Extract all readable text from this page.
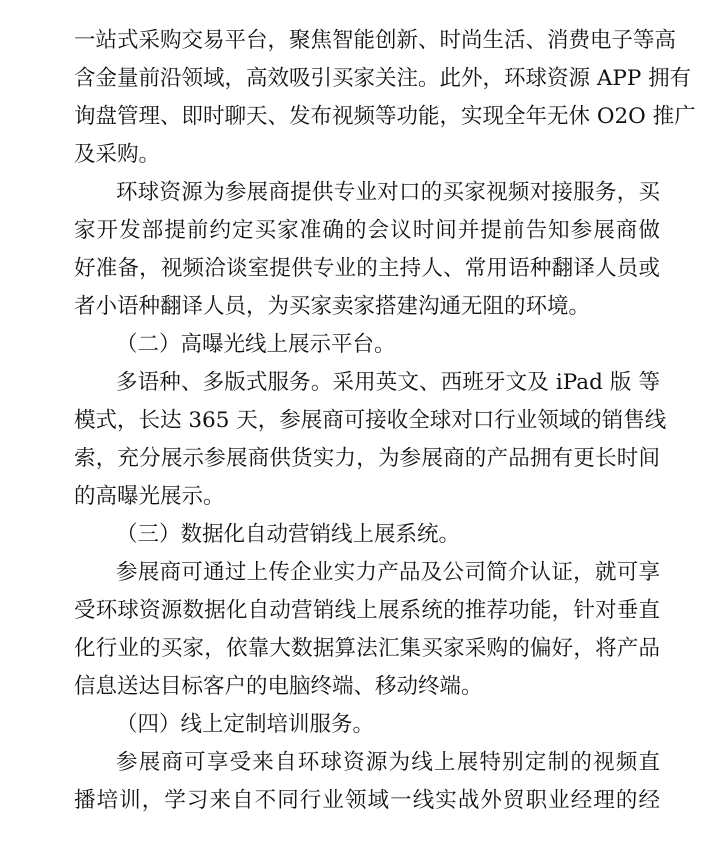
一站式采购交易平台，聚焦智能创新、时尚生活、消费电子等高
含金量前沿领域，高效吸引买家关注。此外，环球资源 APP 拥有
询盘管理、即时聊天、发布视频等功能，实现全年无休 O2O 推广
及采购。
环球资源为参展商提供专业对口的买家视频对接服务，买
家开发部提前约定买家准确的会议时间并提前告知参展商做
好准备，视频洽谈室提供专业的主持人、常用语种翻译人员或
者小语种翻译人员，为买家卖家搭建沟通无阻的环境。
（二）高曝光线上展示平台。
多语种、多版式服务。采用英文、西班牙文及 iPad 版 等
模式，长达 365 天，参展商可接收全球对口行业领域的销售线
索，充分展示参展商供货实力，为参展商的产品拥有更长时间
的高曝光展示。
（三）数据化自动营销线上展系统。
参展商可通过上传企业实力产品及公司简介认证，就可享
受环球资源数据化自动营销线上展系统的推荐功能，针对垂直
化行业的买家，依靠大数据算法汇集买家采购的偏好，将产品
信息送达目标客户的电脑终端、移动终端。
（四）线上定制培训服务。
参展商可享受来自环球资源为线上展特别定制的视频直
播培训，学习来自不同行业领域一线实战外贸职业经理的经
